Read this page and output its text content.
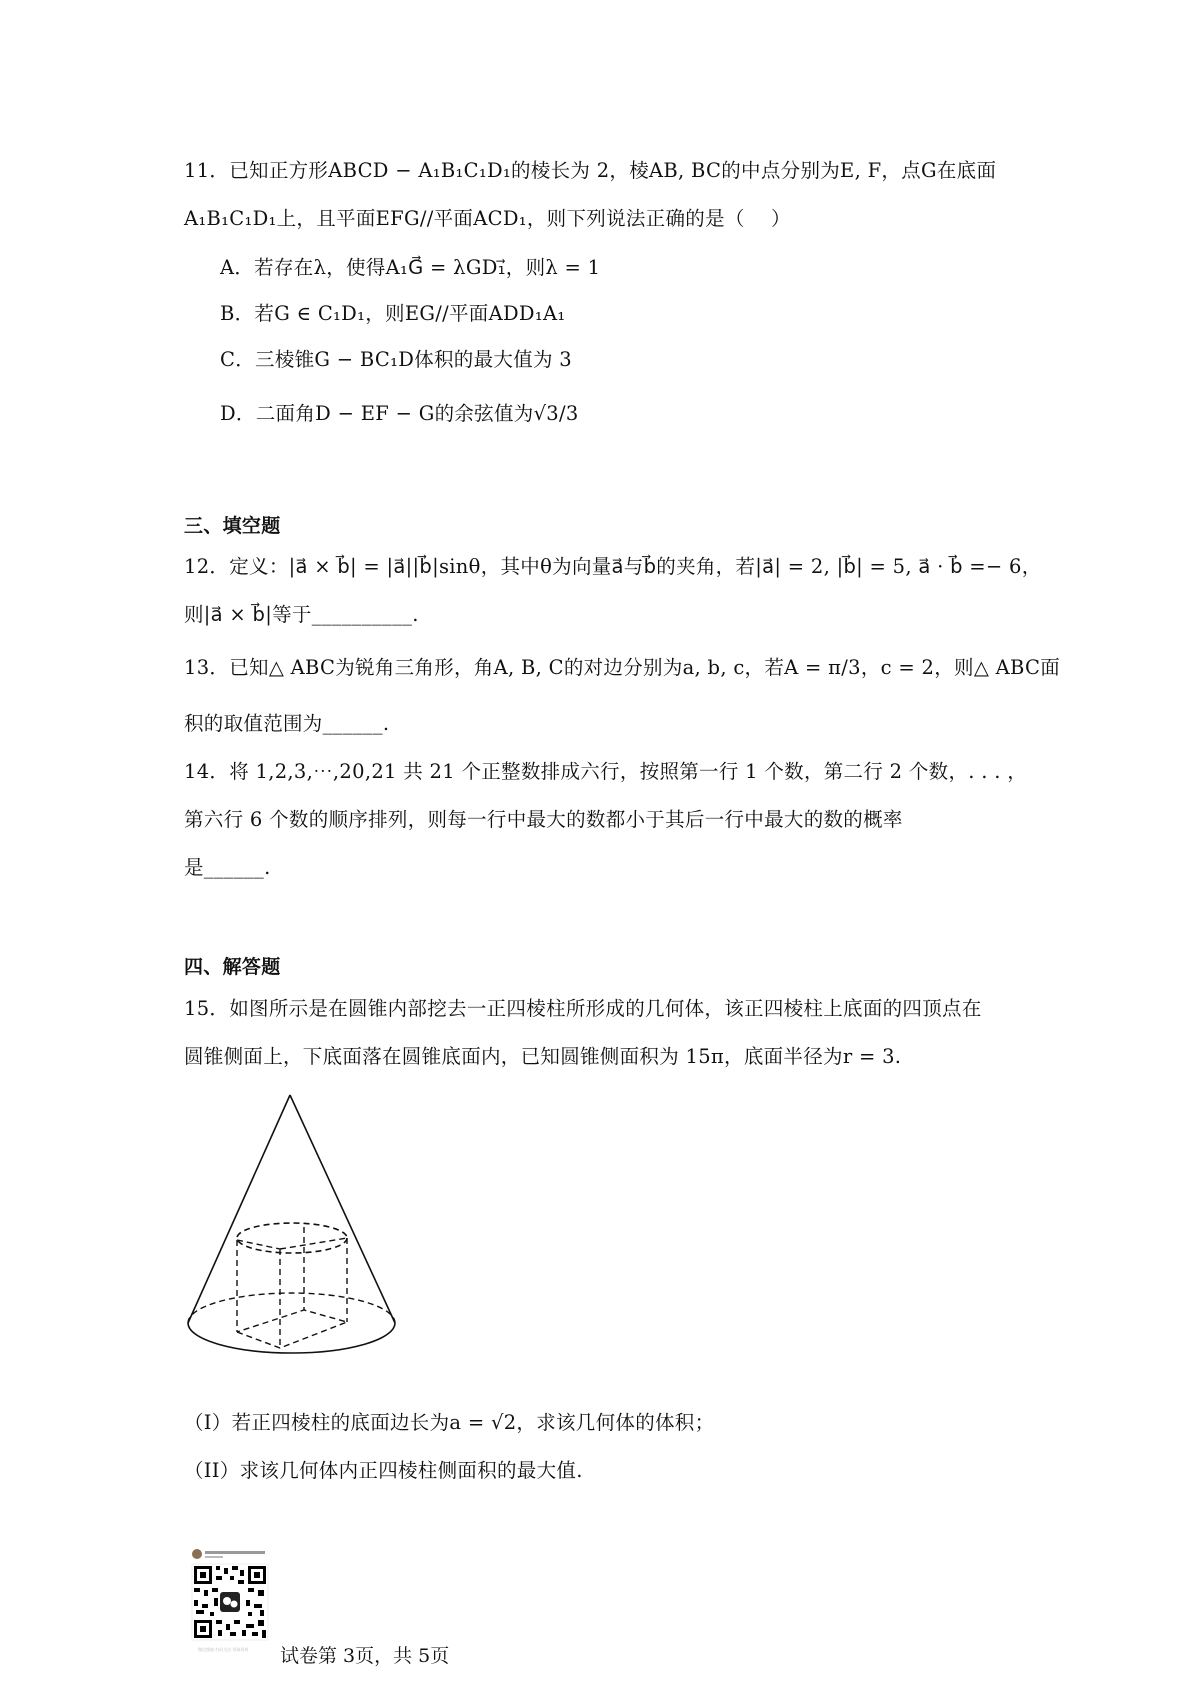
11．已知正方形ABCD − A₁B₁C₁D₁的棱长为 2，棱AB, BC的中点分别为E, F，点G在底面
A₁B₁C₁D₁上，且平面EFG//平面ACD₁，则下列说法正确的是（　 ）
A．若存在λ，使得A₁G⃗ = λGD₁⃗，则λ = 1
B．若G ∈ C₁D₁，则EG//平面ADD₁A₁
C．三棱锥G − BC₁D体积的最大值为 3
D．二面角D − EF − G的余弦值为√3/3
三、填空题
12．定义：|a⃗ × b⃗| = |a⃗||b⃗|sinθ，其中θ为向量a⃗与b⃗的夹角，若|a⃗| = 2, |b⃗| = 5, a⃗ · b⃗ =− 6，
则|a⃗ × b⃗|等于__________.
13．已知△ ABC为锐角三角形，角A, B, C的对边分别为a, b, c，若A = π/3，c = 2，则△ ABC面
积的取值范围为______.
14．将 1,2,3,⋯,20,21 共 21 个正整数排成六行，按照第一行 1 个数，第二行 2 个数，. . . ，
第六行 6 个数的顺序排列，则每一行中最大的数都小于其后一行中最大的数的概率
是______.
四、解答题
15．如图所示是在圆锥内部挖去一正四棱柱所形成的几何体，该正四棱柱上底面的四顶点在
圆锥侧面上，下底面落在圆锥底面内，已知圆锥侧面积为 15π，底面半径为r = 3.
（I）若正四棱柱的底面边长为a = √2，求该几何体的体积；
（II）求该几何体内正四棱柱侧面积的最大值.
微信搜索·扫码关注·领取资料	试卷第 3页，共 5页
